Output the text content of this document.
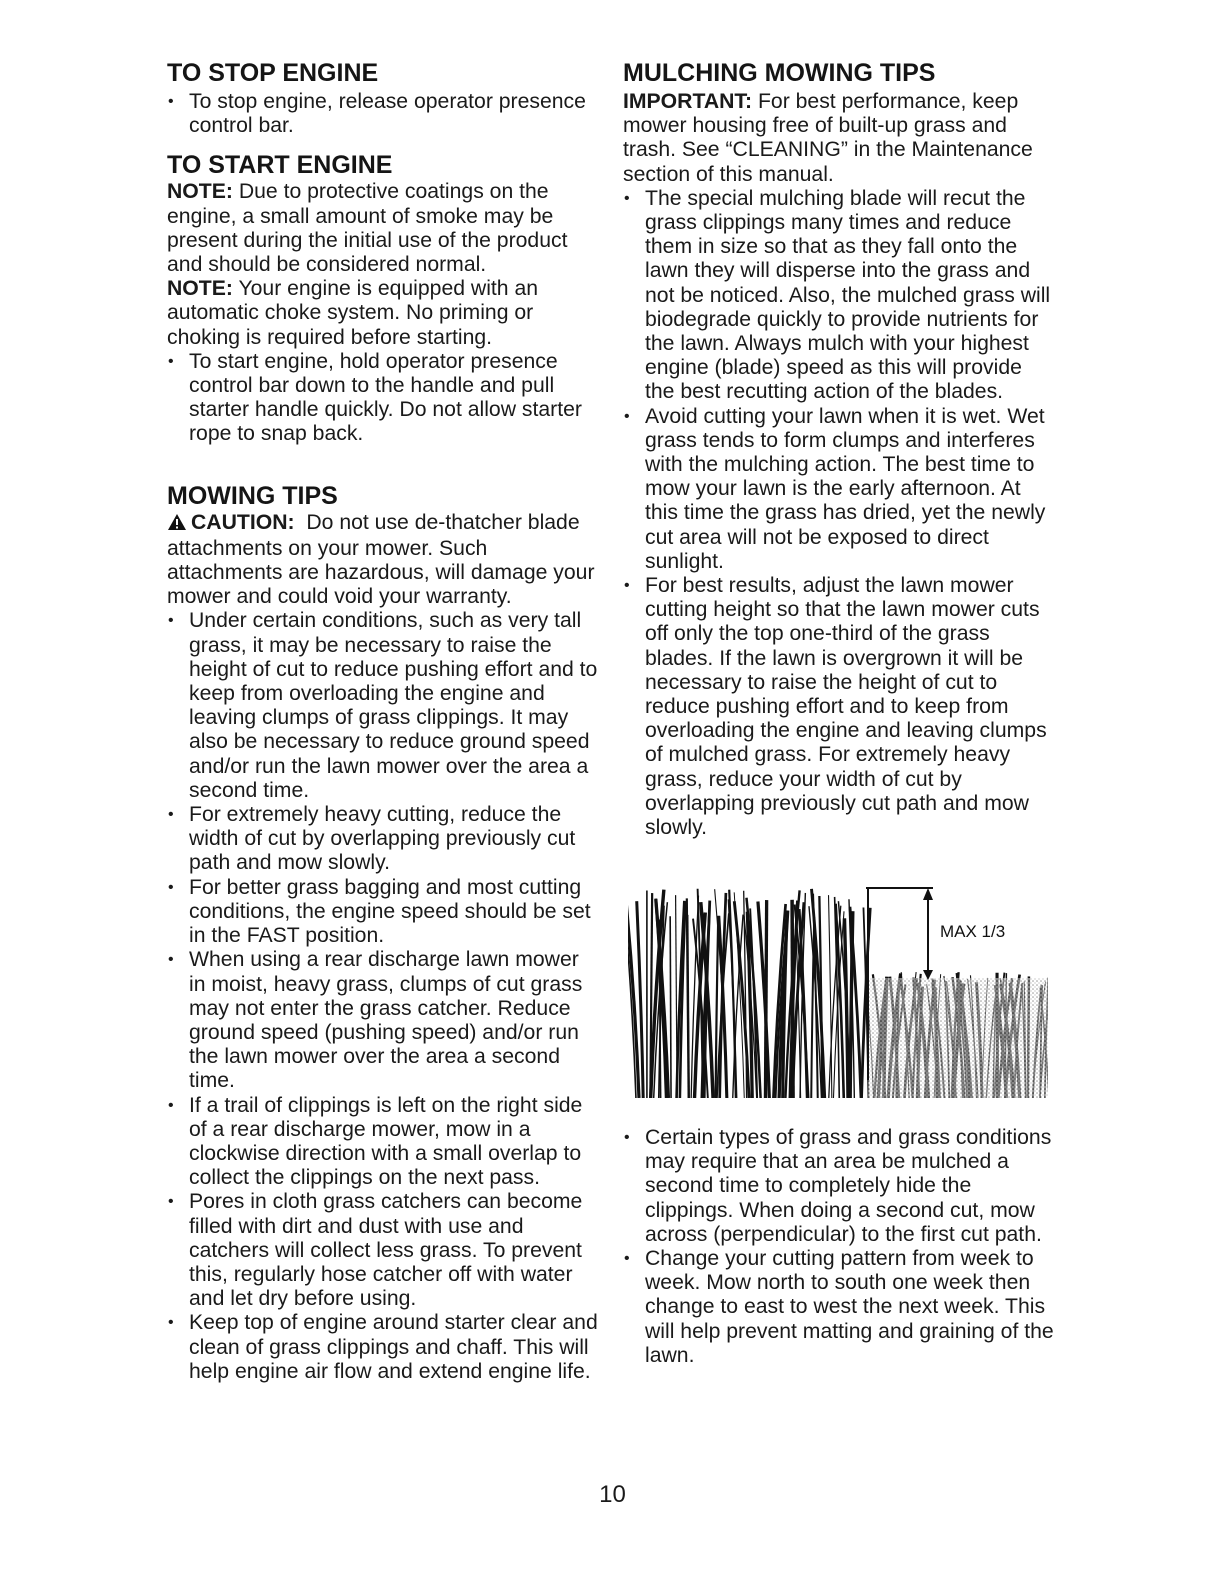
TO STOP ENGINE
• To stop engine, release operator presence control bar.
TO START ENGINE

NOTE: Due to protective coatings on the engine, a small amount of smoke may be present during the initial use of the product and should be considered normal.

NOTE: Your engine is equipped with an automatic choke system. No priming or choking is required before starting.

• To start engine, hold operator presence control bar down to the handle and pull starter handle quickly. Do not allow starter rope to snap back.
MOWING TIPS

CAUTION: Do not use de-thatcher blade attachments on your mower. Such attachments are hazardous, will damage your mower and could void your warranty.

• Under certain conditions, such as very tall grass, it may be necessary to raise the height of cut to reduce pushing effort and to keep from overloading the engine and leaving clumps of grass clippings. It may also be necessary to reduce ground speed and/or run the lawn mower over the area a second time.
• For extremely heavy cutting, reduce the width of cut by overlapping previously cut path and mow slowly.
• For better grass bagging and most cutting conditions, the engine speed should be set in the FAST position.
• When using a rear discharge lawn mower in moist, heavy grass, clumps of cut grass may not enter the grass catcher. Reduce ground speed (pushing speed) and/or run the lawn mower over the area a second time.
• If a trail of clippings is left on the right side of a rear discharge mower, mow in a clockwise direction with a small overlap to collect the clippings on the next pass.
• Pores in cloth grass catchers can become filled with dirt and dust with use and catchers will collect less grass. To prevent this, regularly hose catcher off with water and let dry before using.
• Keep top of engine around starter clear and clean of grass clippings and chaff. This will help engine air flow and extend engine life.
MULCHING MOWING TIPS

IMPORTANT: For best performance, keep mower housing free of built-up grass and trash. See “CLEANING” in the Maintenance section of this manual.

• The special mulching blade will recut the grass clippings many times and reduce them in size so that as they fall onto the lawn they will disperse into the grass and not be noticed. Also, the mulched grass will biodegrade quickly to provide nutrients for the lawn. Always mulch with your highest engine (blade) speed as this will provide the best recutting action of the blades.
• Avoid cutting your lawn when it is wet. Wet grass tends to form clumps and interferes with the mulching action. The best time to mow your lawn is the early afternoon. At this time the grass has dried, yet the newly cut area will not be exposed to direct sunlight.
• For best results, adjust the lawn mower cutting height so that the lawn mower cuts off only the top one-third of the grass blades. If the lawn is overgrown it will be necessary to raise the height of cut to reduce pushing effort and to keep from overloading the engine and leaving clumps of mulched grass. For extremely heavy grass, reduce your width of cut by overlapping previously cut path and mow slowly.
MAX 1/3
• Certain types of grass and grass conditions may require that an area be mulched a second time to completely hide the clippings. When doing a second cut, mow across (perpendicular) to the first cut path.
• Change your cutting pattern from week to week. Mow north to south one week then change to east to west the next week. This will help prevent matting and graining of the lawn.
10
